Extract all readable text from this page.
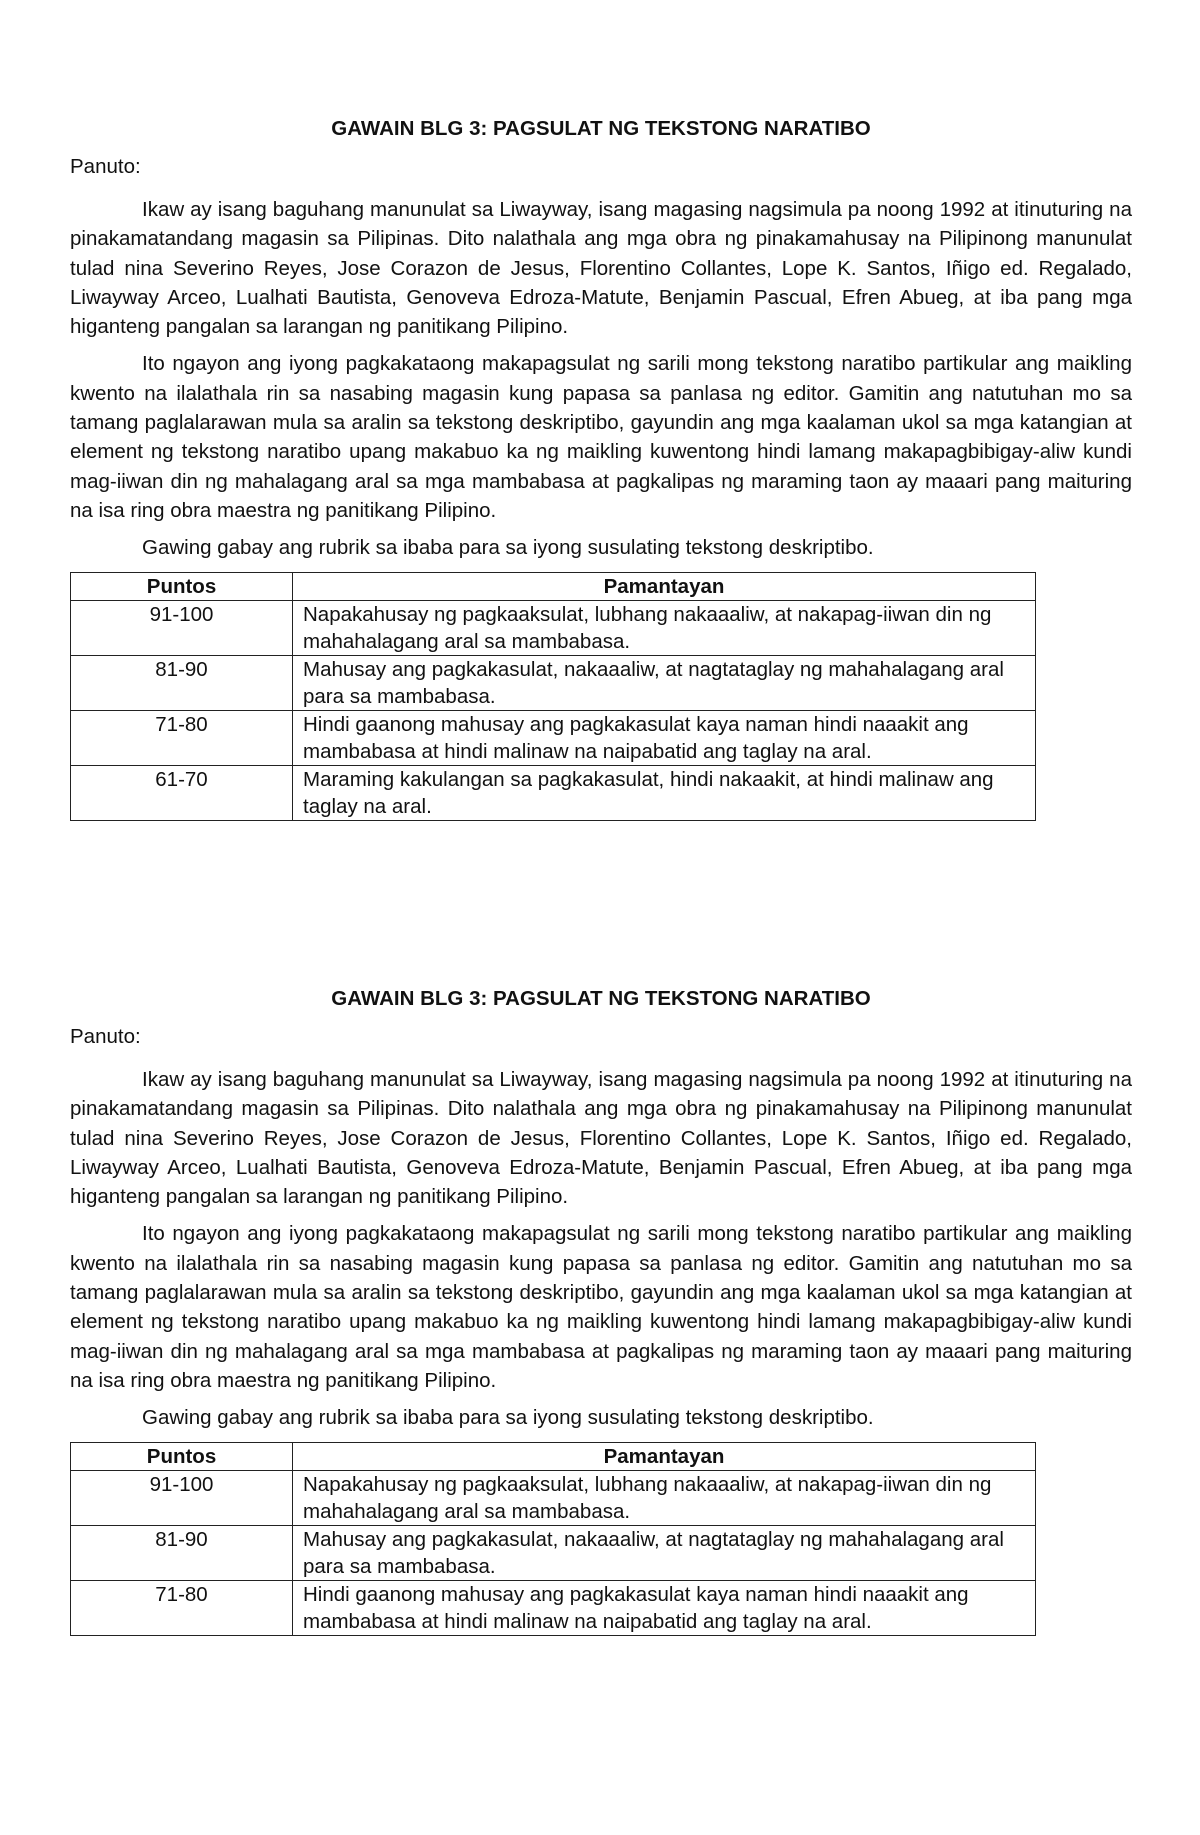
GAWAIN BLG 3: PAGSULAT NG TEKSTONG NARATIBO
Panuto:

Ikaw ay isang baguhang manunulat sa Liwayway, isang magasing nagsimula pa noong 1992 at itinuturing na pinakamatandang magasin sa Pilipinas. Dito nalathala ang mga obra ng pinakamahusay na Pilipinong manunulat tulad nina Severino Reyes, Jose Corazon de Jesus, Florentino Collantes, Lope K. Santos, Iñigo ed. Regalado, Liwayway Arceo, Lualhati Bautista, Genoveva Edroza-Matute, Benjamin Pascual, Efren Abueg, at iba pang mga higanteng pangalan sa larangan ng panitikang Pilipino.

Ito ngayon ang iyong pagkakataong makapagsulat ng sarili mong tekstong naratibo partikular ang maikling kwento na ilalathala rin sa nasabing magasin kung papasa sa panlasa ng editor. Gamitin ang natutuhan mo sa tamang paglalarawan mula sa aralin sa tekstong deskriptibo, gayundin ang mga kaalaman ukol sa mga katangian at element ng tekstong naratibo upang makabuo ka ng maikling kuwentong hindi lamang makapagbibigay-aliw kundi mag-iiwan din ng mahalagang aral sa mga mambabasa at pagkalipas ng maraming taon ay maaari pang maituring na isa ring obra maestra ng panitikang Pilipino.

Gawing gabay ang rubrik sa ibaba para sa iyong susulating tekstong deskriptibo.

Puntos	Pamantayan
91-100	Napakahusay ng pagkaaksulat, lubhang nakaaaliw, at nakapag-iiwan din ng mahahalagang aral sa mambabasa.
81-90	Mahusay ang pagkakasulat, nakaaaliw, at nagtataglay ng mahahalagang aral para sa mambabasa.
71-80	Hindi gaanong mahusay ang pagkakasulat kaya naman hindi naaakit ang mambabasa at hindi malinaw na naipabatid ang taglay na aral.
61-70	Maraming kakulangan sa pagkakasulat, hindi nakaakit, at hindi malinaw ang taglay na aral.
GAWAIN BLG 3: PAGSULAT NG TEKSTONG NARATIBO
Panuto:

Ikaw ay isang baguhang manunulat sa Liwayway, isang magasing nagsimula pa noong 1992 at itinuturing na pinakamatandang magasin sa Pilipinas. Dito nalathala ang mga obra ng pinakamahusay na Pilipinong manunulat tulad nina Severino Reyes, Jose Corazon de Jesus, Florentino Collantes, Lope K. Santos, Iñigo ed. Regalado, Liwayway Arceo, Lualhati Bautista, Genoveva Edroza-Matute, Benjamin Pascual, Efren Abueg, at iba pang mga higanteng pangalan sa larangan ng panitikang Pilipino.

Ito ngayon ang iyong pagkakataong makapagsulat ng sarili mong tekstong naratibo partikular ang maikling kwento na ilalathala rin sa nasabing magasin kung papasa sa panlasa ng editor. Gamitin ang natutuhan mo sa tamang paglalarawan mula sa aralin sa tekstong deskriptibo, gayundin ang mga kaalaman ukol sa mga katangian at element ng tekstong naratibo upang makabuo ka ng maikling kuwentong hindi lamang makapagbibigay-aliw kundi mag-iiwan din ng mahalagang aral sa mga mambabasa at pagkalipas ng maraming taon ay maaari pang maituring na isa ring obra maestra ng panitikang Pilipino.

Gawing gabay ang rubrik sa ibaba para sa iyong susulating tekstong deskriptibo.

Puntos	Pamantayan
91-100	Napakahusay ng pagkaaksulat, lubhang nakaaaliw, at nakapag-iiwan din ng mahahalagang aral sa mambabasa.
81-90	Mahusay ang pagkakasulat, nakaaaliw, at nagtataglay ng mahahalagang aral para sa mambabasa.
71-80	Hindi gaanong mahusay ang pagkakasulat kaya naman hindi naaakit ang mambabasa at hindi malinaw na naipabatid ang taglay na aral.
